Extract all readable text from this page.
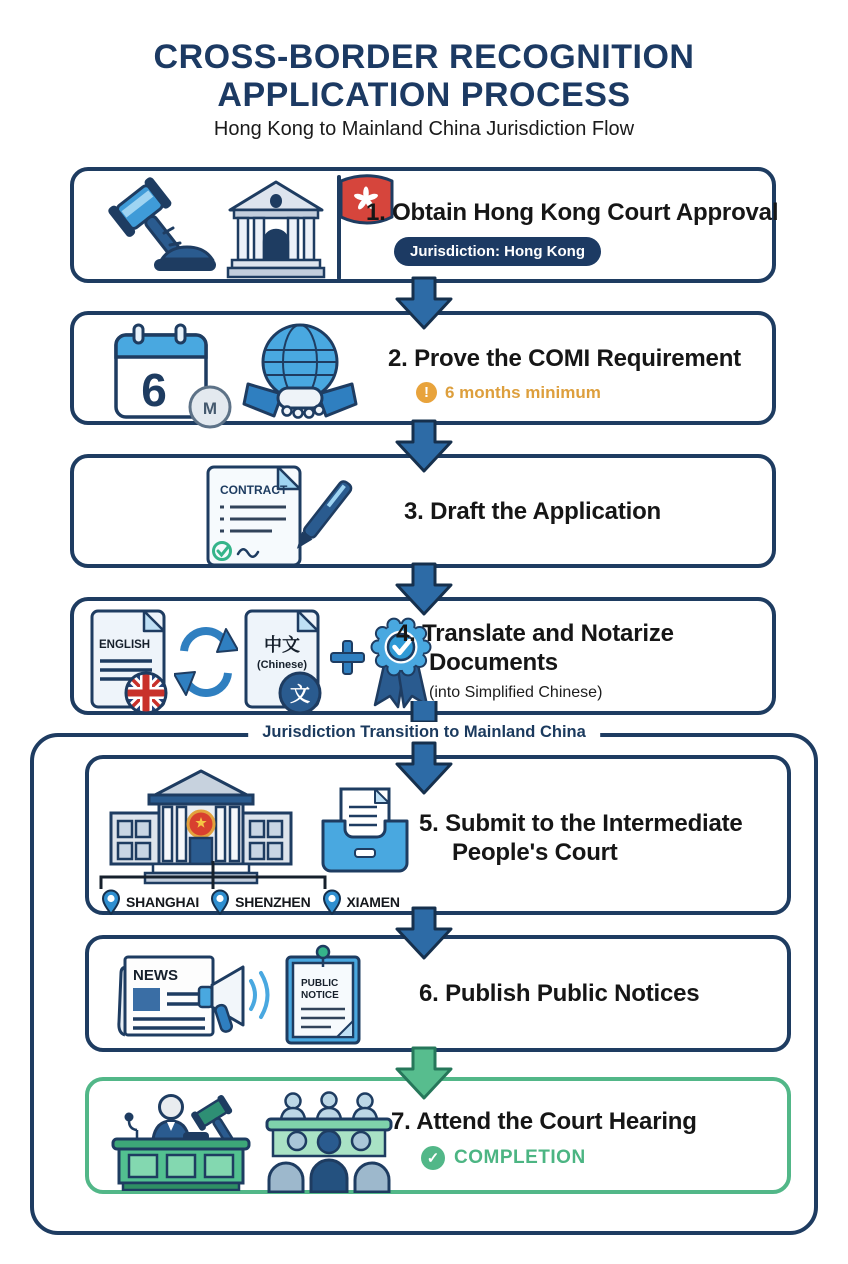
CROSS-BORDER RECOGNITION
APPLICATION PROCESS
Hong Kong to Mainland China Jurisdiction Flow
1. Obtain Hong Kong Court Approval
Jurisdiction: Hong Kong
6 M
2. Prove the COMI Requirement
! 6 months minimum
CONTRACT
3. Draft the Application
ENGLISH	中文
(Chinese)
文
4. Translate and Notarize
Documents
(into Simplified Chinese)
Jurisdiction Transition to Mainland China
SHANGHAI	SHENZHEN	XIAMEN
5. Submit to the Intermediate
People's Court
NEWS	PUBLIC
NOTICE	6. Publish Public Notices
7. Attend the Court Hearing
✓ COMPLETION
